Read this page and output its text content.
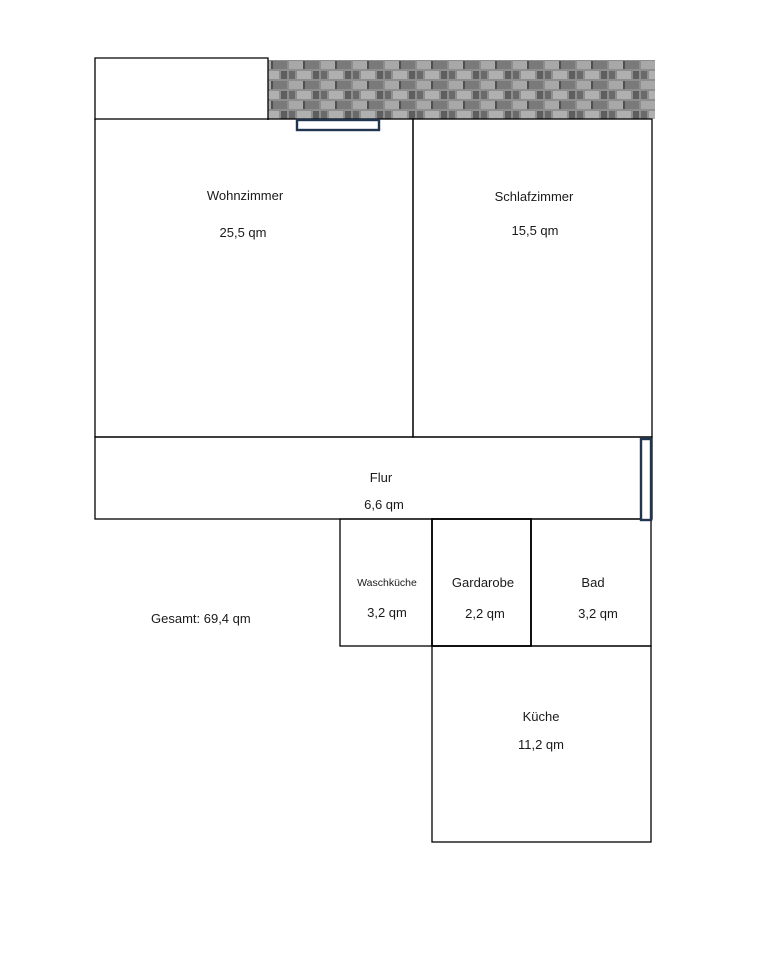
Wohnzimmer
25,5 qm
Schlafzimmer
15,5 qm
Flur
6,6 qm
Waschküche
3,2 qm
Gardarobe
2,2 qm
Bad
3,2 qm
Küche
11,2 qm
Gesamt: 69,4 qm
